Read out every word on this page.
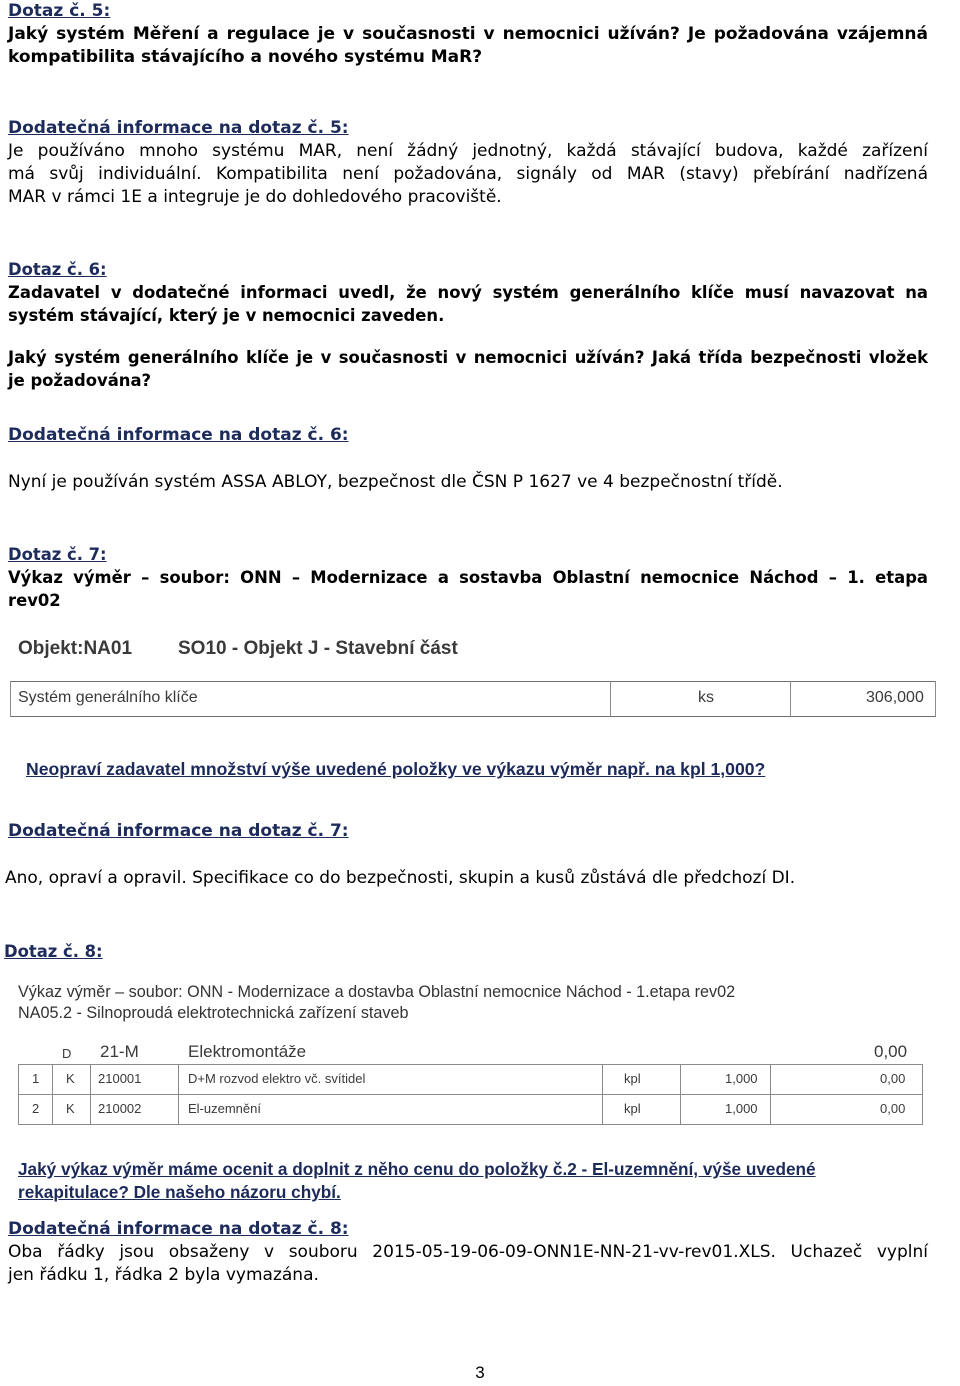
Dotaz č. 5:
Jaký systém Měření a regulace je v současnosti v nemocnici užíván? Je požadována vzájemná
kompatibilita stávajícího a nového systému MaR?
Dodatečná informace na dotaz č. 5:
Je používáno mnoho systému MAR, není žádný jednotný, každá stávající budova, každé zařízení
má svůj individuální. Kompatibilita není požadována, signály od MAR (stavy) přebírání nadřízená
MAR v rámci 1E a integruje je do dohledového pracoviště.
Dotaz č. 6:
Zadavatel v dodatečné informaci uvedl, že nový systém generálního klíče musí navazovat na
systém stávající, který je v nemocnici zaveden.
Jaký systém generálního klíče je v současnosti v nemocnici užíván? Jaká třída bezpečnosti vložek
je požadována?
Dodatečná informace na dotaz č. 6:
Nyní je používán systém ASSA ABLOY, bezpečnost dle ČSN P 1627 ve 4 bezpečnostní třídě.
Dotaz č. 7:
Výkaz výměr – soubor: ONN – Modernizace a sostavba Oblastní nemocnice Náchod – 1. etapa
rev02
Objekt:NA01 SO10 - Objekt J - Stavební část
Systém generálního klíče	ks	306,000
Neopraví zadavatel množství výše uvedené položky ve výkazu výměr např. na kpl 1,000?
Dodatečná informace na dotaz č. 7:
Ano, opraví a opravil. Specifikace co do bezpečnosti, skupin a kusů zůstává dle předchozí DI.
Dotaz č. 8:
Výkaz výměr – soubor: ONN - Modernizace a dostavba Oblastní nemocnice Náchod - 1.etapa rev02
NA05.2 - Silnoproudá elektrotechnická zařízení staveb
D 21-M	Elektromontáže	0,00
1 K 210001	D+M rozvod elektro vč. svítidel	kpl	1,000	0,00
2 K 210002	El-uzemnění	kpl	1,000	0,00
Jaký výkaz výměr máme ocenit a doplnit z něho cenu do položky č.2 - El-uzemnění, výše uvedené
rekapitulace? Dle našeho názoru chybí.
Dodatečná informace na dotaz č. 8:
Oba řádky jsou obsaženy v souboru 2015-05-19-06-09-ONN1E-NN-21-vv-rev01.XLS. Uchazeč vyplní
jen řádku 1, řádka 2 byla vymazána.
3
